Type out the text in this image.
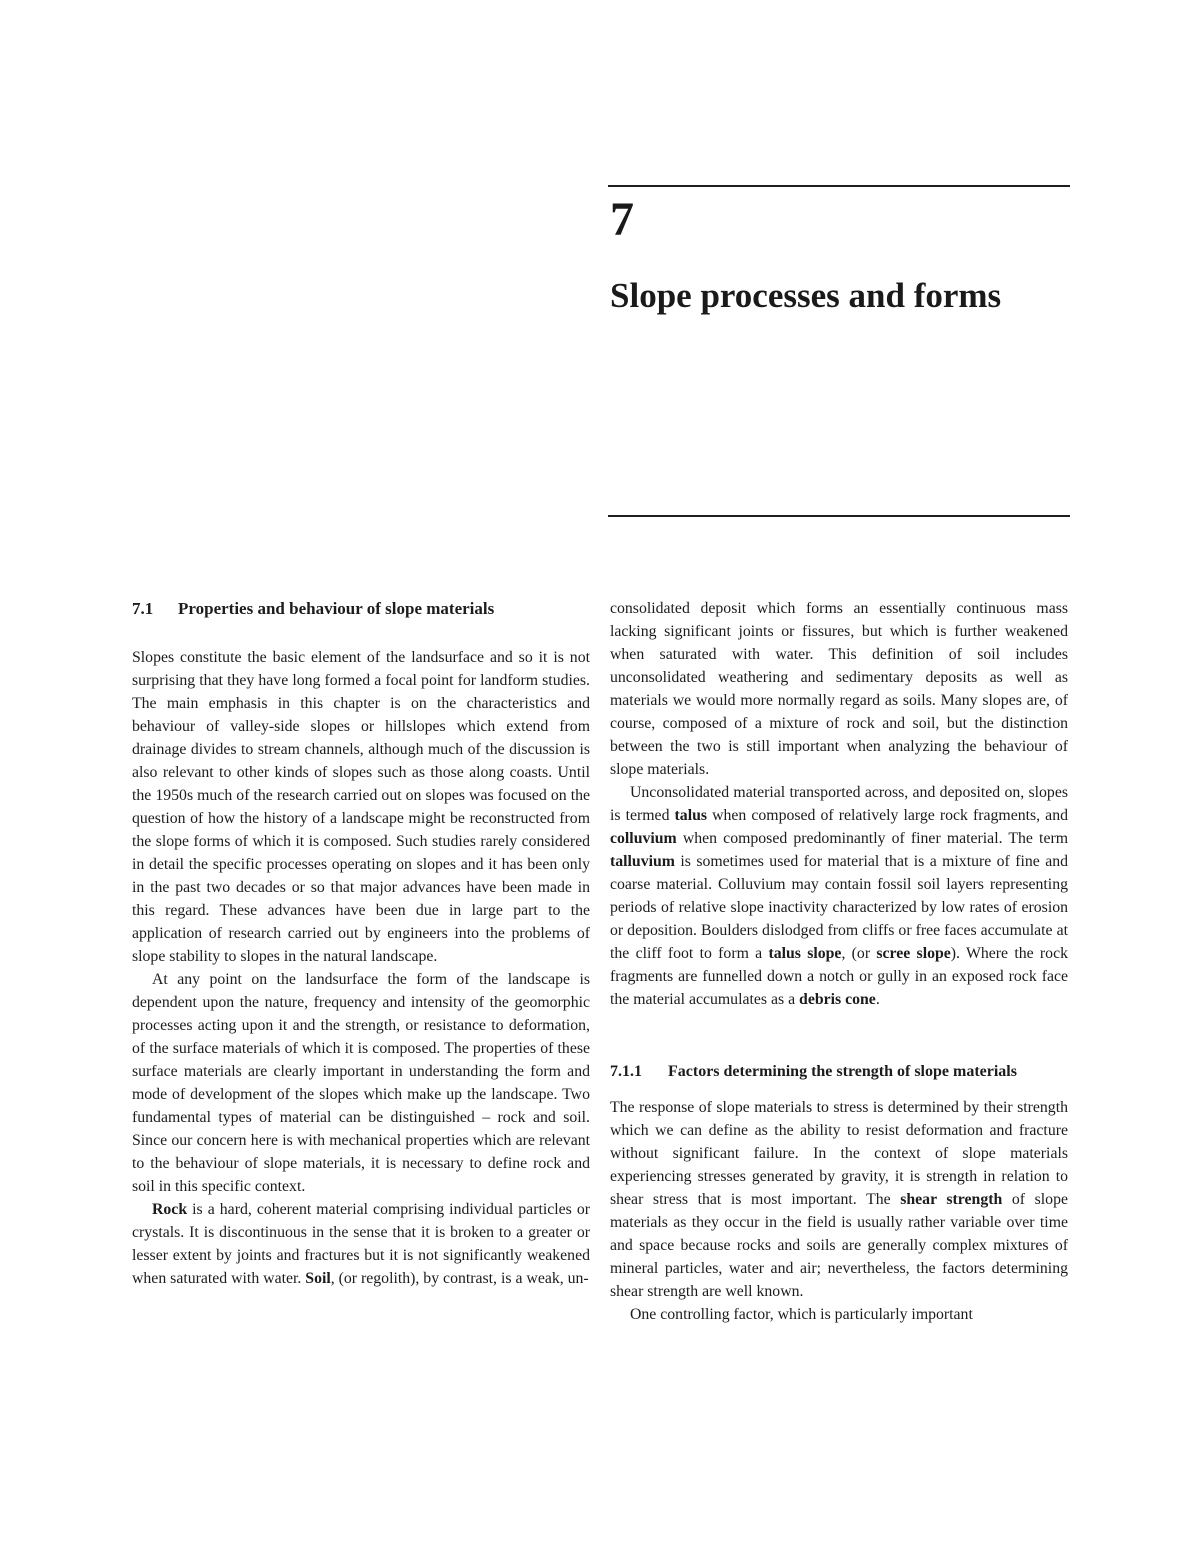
7
Slope processes and forms
7.1	Properties and behaviour of slope materials

Slopes constitute the basic element of the landsurface and so it is not surprising that they have long formed a focal point for landform studies. The main emphasis in this chapter is on the characteristics and behaviour of valley-side slopes or hillslopes which extend from drainage divides to stream channels, although much of the discussion is also relevant to other kinds of slopes such as those along coasts. Until the 1950s much of the research carried out on slopes was focused on the question of how the history of a landscape might be reconstructed from the slope forms of which it is composed. Such studies rarely considered in detail the specific processes operating on slopes and it has been only in the past two decades or so that major advances have been made in this regard. These advances have been due in large part to the application of research carried out by engineers into the problems of slope stability to slopes in the natural landscape.

At any point on the landsurface the form of the landscape is dependent upon the nature, frequency and intensity of the geomorphic processes acting upon it and the strength, or resistance to deformation, of the surface materials of which it is composed. The properties of these surface materials are clearly important in understanding the form and mode of development of the slopes which make up the landscape. Two fundamental types of material can be distinguished – rock and soil. Since our concern here is with mechanical properties which are relevant to the behaviour of slope materials, it is necessary to define rock and soil in this specific context.

Rock is a hard, coherent material comprising individual particles or crystals. It is discontinuous in the sense that it is broken to a greater or lesser extent by joints and fractures but it is not significantly weakened when saturated with water. Soil, (or regolith), by contrast, is a weak, un-

consolidated deposit which forms an essentially continuous mass lacking significant joints or fissures, but which is further weakened when saturated with water. This definition of soil includes unconsolidated weathering and sedimentary deposits as well as materials we would more normally regard as soils. Many slopes are, of course, composed of a mixture of rock and soil, but the distinction between the two is still important when analyzing the behaviour of slope materials.

Unconsolidated material transported across, and deposited on, slopes is termed talus when composed of relatively large rock fragments, and colluvium when composed predominantly of finer material. The term talluvium is sometimes used for material that is a mixture of fine and coarse material. Colluvium may contain fossil soil layers representing periods of relative slope inactivity characterized by low rates of erosion or deposition. Boulders dislodged from cliffs or free faces accumulate at the cliff foot to form a talus slope, (or scree slope). Where the rock fragments are funnelled down a notch or gully in an exposed rock face the material accumulates as a debris cone.

7.1.1	Factors determining the strength of slope materials

The response of slope materials to stress is determined by their strength which we can define as the ability to resist deformation and fracture without significant failure. In the context of slope materials experiencing stresses generated by gravity, it is strength in relation to shear stress that is most important. The shear strength of slope materials as they occur in the field is usually rather variable over time and space because rocks and soils are generally complex mixtures of mineral particles, water and air; nevertheless, the factors determining shear strength are well known.

One controlling factor, which is particularly important
